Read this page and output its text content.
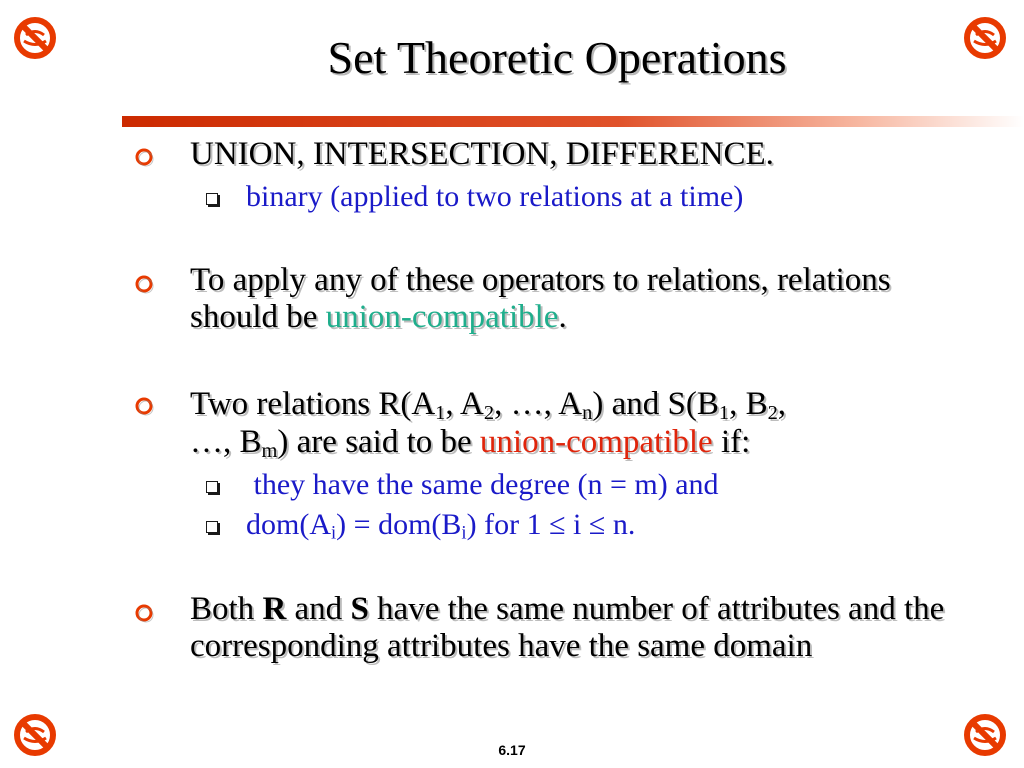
Set Theoretic Operations
UNION, INTERSECTION, DIFFERENCE.
binary (applied to two relations at a time)
To apply any of these operators to relations, relations should be union-compatible.
Two relations $R(A_1$, $A_2$, …, $A_n$) and $S(B_1$, $B_2$,
…, $B_m$) are said to be union-compatible if:
they have the same degree (n = m) and
$dom(A_i) = dom(B_i)$ for 1 ≤ i ≤ n.
Both R and S have the same number of attributes and the corresponding attributes have the same domain
6.17
